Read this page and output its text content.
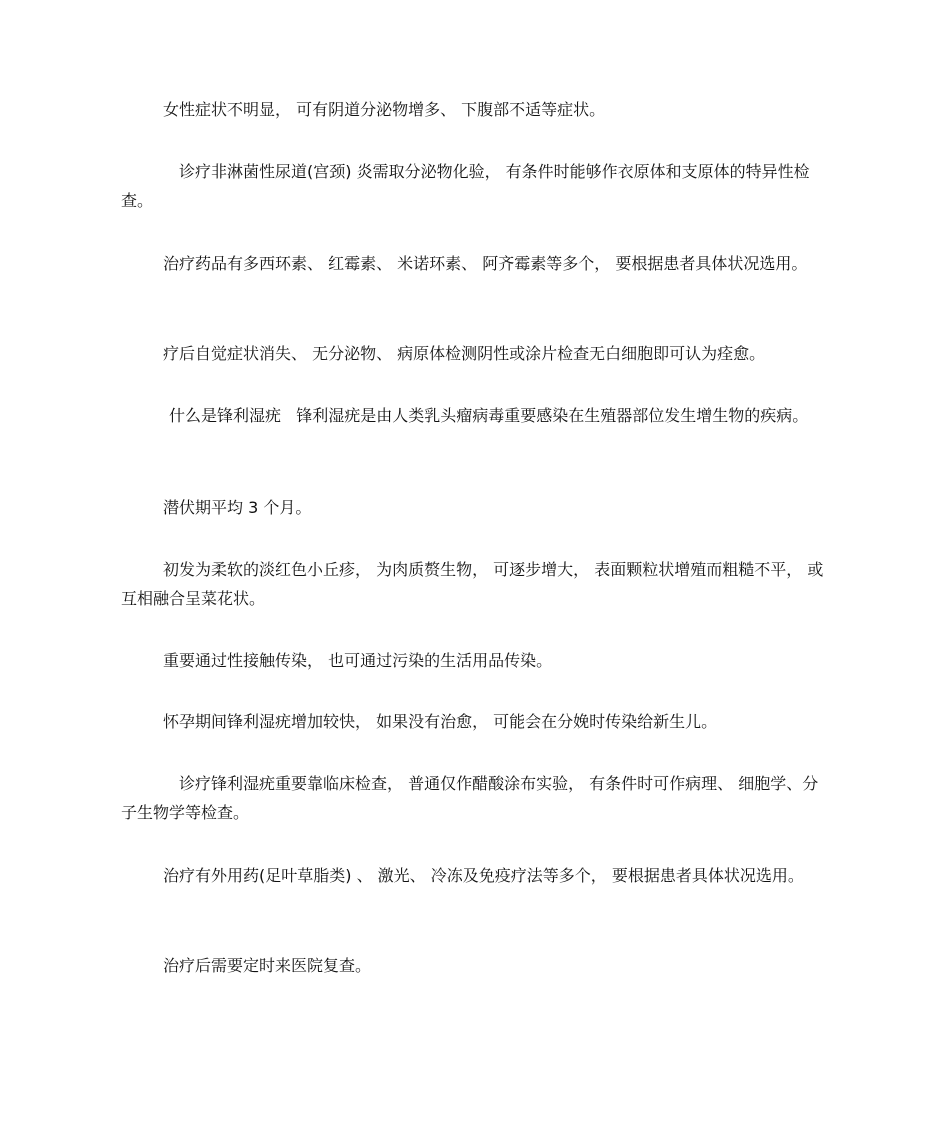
女性症状不明显， 可有阴道分泌物增多、 下腹部不适等症状。

诊疗非淋菌性尿道(宫颈) 炎需取分泌物化验， 有条件时能够作衣原体和支原体的特异性检查。

治疗药品有多西环素、 红霉素、 米诺环素、 阿齐霉素等多个， 要根据患者具体状况选用。

疗后自觉症状消失、 无分泌物、 病原体检测阴性或涂片检查无白细胞即可认为痊愈。

什么是锋利湿疣   锋利湿疣是由人类乳头瘤病毒重要感染在生殖器部位发生增生物的疾病。

潜伏期平均 3 个月。

初发为柔软的淡红色小丘疹， 为肉质赘生物， 可逐步增大， 表面颗粒状增殖而粗糙不平， 或互相融合呈菜花状。

重要通过性接触传染， 也可通过污染的生活用品传染。

怀孕期间锋利湿疣增加较快， 如果没有治愈， 可能会在分娩时传染给新生儿。

诊疗锋利湿疣重要靠临床检查， 普通仅作醋酸涂布实验， 有条件时可作病理、 细胞学、分子生物学等检查。

治疗有外用药(足叶草脂类) 、 激光、 冷冻及免疫疗法等多个， 要根据患者具体状况选用。

治疗后需要定时来医院复查。
